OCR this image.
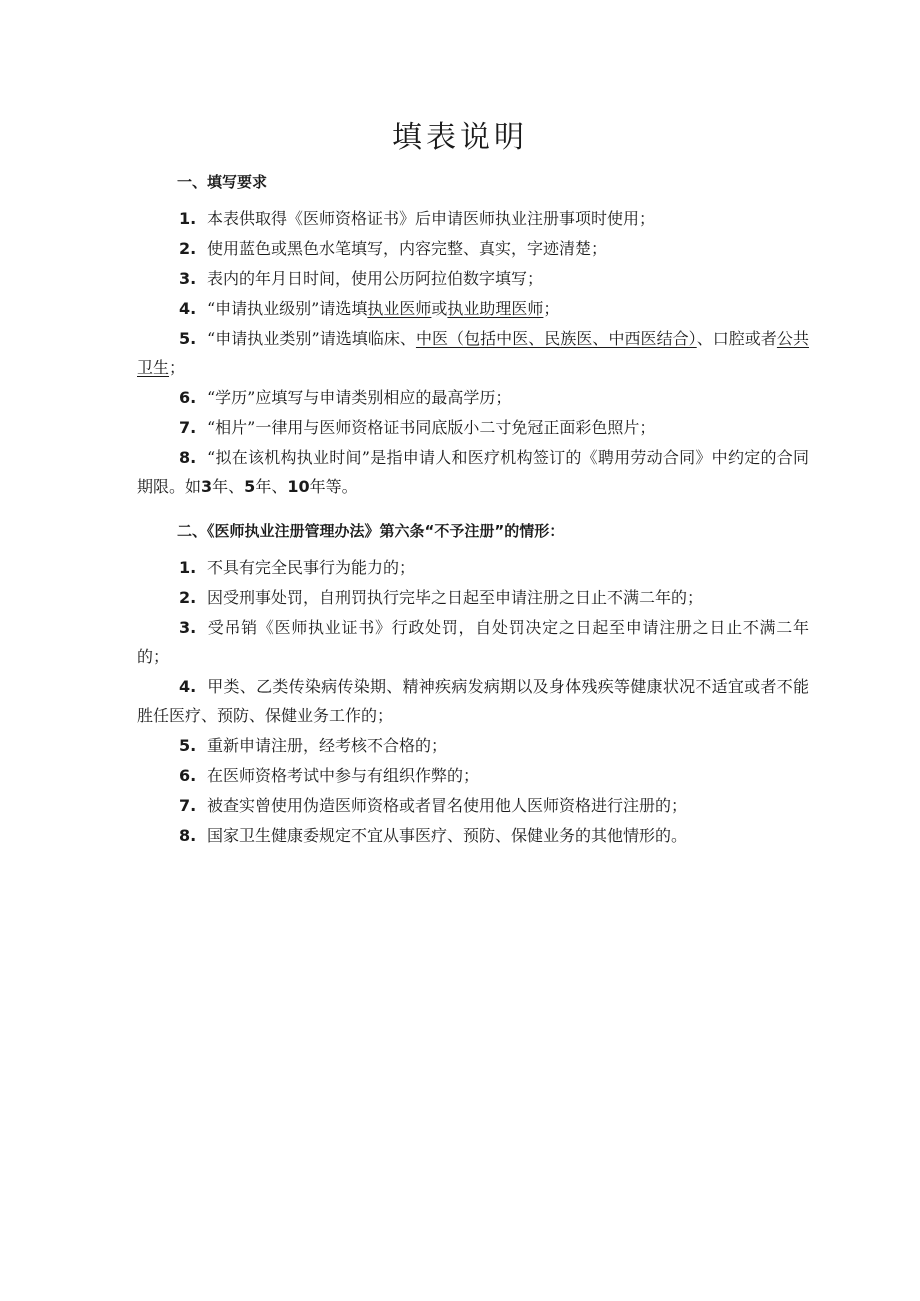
填表说明

一、填写要求

1. 本表供取得《医师资格证书》后申请医师执业注册事项时使用；

2. 使用蓝色或黑色水笔填写，内容完整、真实，字迹清楚；

3. 表内的年月日时间，使用公历阿拉伯数字填写；

4. “申请执业级别”请选填执业医师或执业助理医师；

5. “申请执业类别”请选填临床、中医（包括中医、民族医、中西医结合）、口腔或者公共卫生；

6. “学历”应填写与申请类别相应的最高学历；

7. “相片”一律用与医师资格证书同底版小二寸免冠正面彩色照片；

8. “拟在该机构执业时间”是指申请人和医疗机构签订的《聘用劳动合同》中约定的合同期限。如3年、5年、10年等。

二、《医师执业注册管理办法》第六条“不予注册”的情形：

1. 不具有完全民事行为能力的；

2. 因受刑事处罚，自刑罚执行完毕之日起至申请注册之日止不满二年的；

3. 受吊销《医师执业证书》行政处罚，自处罚决定之日起至申请注册之日止不满二年的；

4. 甲类、乙类传染病传染期、精神疾病发病期以及身体残疾等健康状况不适宜或者不能胜任医疗、预防、保健业务工作的；

5. 重新申请注册，经考核不合格的；

6. 在医师资格考试中参与有组织作弊的；

7. 被查实曾使用伪造医师资格或者冒名使用他人医师资格进行注册的；

8. 国家卫生健康委规定不宜从事医疗、预防、保健业务的其他情形的。
